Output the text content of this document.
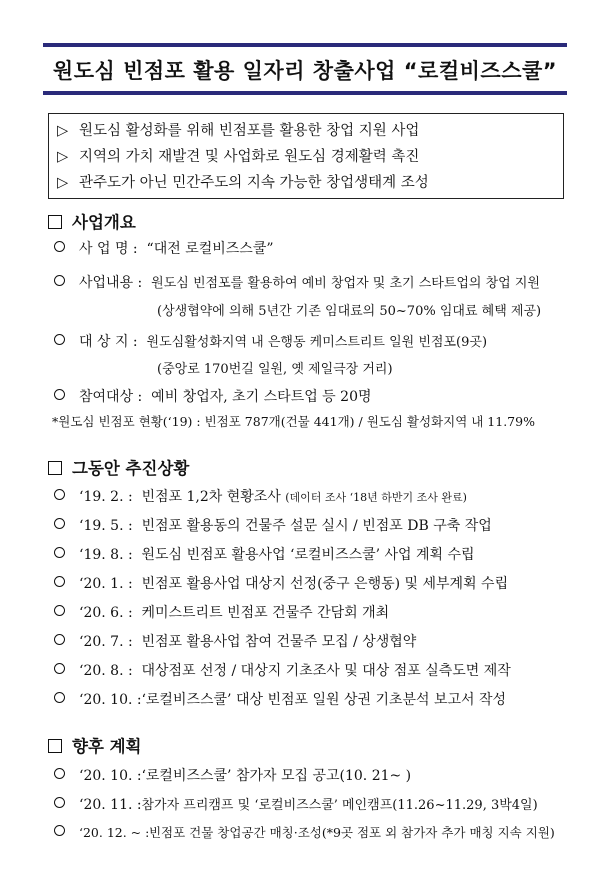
원도심 빈점포 활용 일자리 창출사업 “로컬비즈스쿨”
▷ 원도심 활성화를 위해 빈점포를 활용한 창업 지원 사업
▷ 지역의 가치 재발견 및 사업화로 원도심 경제활력 촉진
▷ 관주도가 아닌 민간주도의 지속 가능한 창업생태계 조성
사업개요
사 업 명 : “대전 로컬비즈스쿨”
사업내용 : 원도심 빈점포를 활용하여 예비 창업자 및 초기 스타트업의 창업 지원
(상생협약에 의해 5년간 기존 임대료의 50~70% 임대료 혜택 제공)
대 상 지 : 원도심활성화지역 내 은행동 케미스트리트 일원 빈점포(9곳)
(중앙로 170번길 일원, 옛 제일극장 거리)
참여대상 : 예비 창업자, 초기 스타트업 등 20명
*원도심 빈점포 현황(‘19) : 빈점포 787개(건물 441개) / 원도심 활성화지역 내 11.79%
그동안 추진상황
‘19. 2. : 빈점포 1,2차 현황조사 (데이터 조사 ‘18년 하반기 조사 완료)
‘19. 5. : 빈점포 활용동의 건물주 설문 실시 / 빈점포 DB 구축 작업
‘19. 8. : 원도심 빈점포 활용사업 ‘로컬비즈스쿨’ 사업 계획 수립
‘20. 1. : 빈점포 활용사업 대상지 선정(중구 은행동) 및 세부계획 수립
‘20. 6. : 케미스트리트 빈점포 건물주 간담회 개최
‘20. 7. : 빈점포 활용사업 참여 건물주 모집 / 상생협약
‘20. 8. : 대상점포 선정 / 대상지 기초조사 및 대상 점포 실측도면 제작
‘20. 10. : ‘로컬비즈스쿨’ 대상 빈점포 일원 상권 기초분석 보고서 작성
향후 계획
‘20. 10. : ‘로컬비즈스쿨’ 참가자 모집 공고(10. 21~ )
‘20. 11. : 참가자 프리캠프 및 ‘로컬비즈스쿨’ 메인캠프(11.26~11.29, 3박4일)
‘20. 12. ~ : 빈점포 건물 창업공간 매칭·조성(*9곳 점포 외 참가자 추가 매칭 지속 지원)
